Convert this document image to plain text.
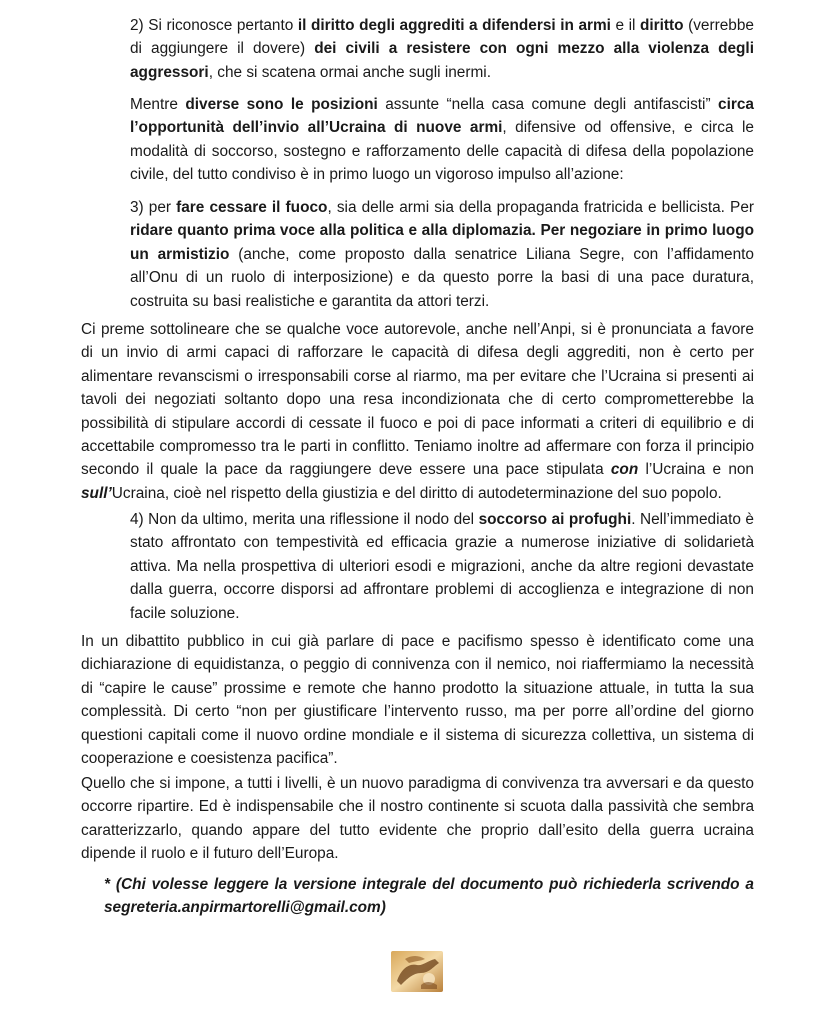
2) Si riconosce pertanto il diritto degli aggrediti a difendersi in armi e il diritto (verrebbe di aggiungere il dovere) dei civili a resistere con ogni mezzo alla violenza degli aggressori, che si scatena ormai anche sugli inermi.

Mentre diverse sono le posizioni assunte “nella casa comune degli antifascisti” circa l’opportunità dell’invio all’Ucraina di nuove armi, difensive od offensive, e circa le modalità di soccorso, sostegno e rafforzamento delle capacità di difesa della popolazione civile, del tutto condiviso è in primo luogo un vigoroso impulso all’azione:

3) per fare cessare il fuoco, sia delle armi sia della propaganda fratricida e bellicista. Per ridare quanto prima voce alla politica e alla diplomazia. Per negoziare in primo luogo un armistizio (anche, come proposto dalla senatrice Liliana Segre, con l’affidamento all’Onu di un ruolo di interposizione) e da questo porre la basi di una pace duratura, costruita su basi realistiche e garantita da attori terzi.

Ci preme sottolineare che se qualche voce autorevole, anche nell’Anpi, si è pronunciata a favore di un invio di armi capaci di rafforzare le capacità di difesa degli aggrediti, non è certo per alimentare revanscismi o irresponsabili corse al riarmo, ma per evitare che l’Ucraina si presenti ai tavoli dei negoziati soltanto dopo una resa incondizionata che di certo comprometterebbe la possibilità di stipulare accordi di cessate il fuoco e poi di pace informati a criteri di equilibrio e di accettabile compromesso tra le parti in conflitto. Teniamo inoltre ad affermare con forza il principio secondo il quale la pace da raggiungere deve essere una pace stipulata con l’Ucraina e non sull’Ucraina, cioè nel rispetto della giustizia e del diritto di autodeterminazione del suo popolo.

4) Non da ultimo, merita una riflessione il nodo del soccorso ai profughi. Nell’immediato è stato affrontato con tempestività ed efficacia grazie a numerose iniziative di solidarietà attiva. Ma nella prospettiva di ulteriori esodi e migrazioni, anche da altre regioni devastate dalla guerra, occorre disporsi ad affrontare problemi di accoglienza e integrazione di non facile soluzione.

In un dibattito pubblico in cui già parlare di pace e pacifismo spesso è identificato come una dichiarazione di equidistanza, o peggio di connivenza con il nemico, noi riaffermiamo la necessità di “capire le cause” prossime e remote che hanno prodotto la situazione attuale, in tutta la sua complessità. Di certo “non per giustificare l’intervento russo, ma per porre all’ordine del giorno questioni capitali come il nuovo ordine mondiale e il sistema di sicurezza collettiva, un sistema di cooperazione e coesistenza pacifica”.

Quello che si impone, a tutti i livelli, è un nuovo paradigma di convivenza tra avversari e da questo occorre ripartire. Ed è indispensabile che il nostro continente si scuota dalla passività che sembra caratterizzarlo, quando appare del tutto evidente che proprio dall’esito della guerra ucraina dipende il ruolo e il futuro dell’Europa.

* (Chi volesse leggere la versione integrale del documento può richiederla scrivendo a segreteria.anpirmartorelli@gmail.com)
